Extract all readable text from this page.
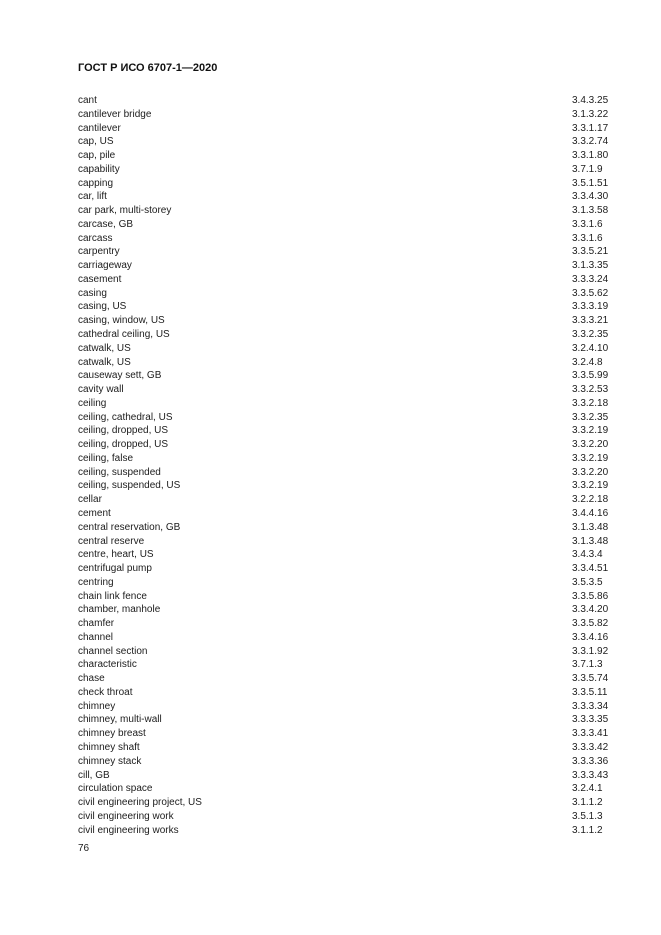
ГОСТ Р ИСО 6707-1—2020
cant	3.4.3.25
cantilever bridge	3.1.3.22
cantilever	3.3.1.17
cap, US	3.3.2.74
cap, pile	3.3.1.80
capability	3.7.1.9
capping	3.5.1.51
car, lift	3.3.4.30
car park, multi-storey	3.1.3.58
carcase, GB	3.3.1.6
carcass	3.3.1.6
carpentry	3.3.5.21
carriageway	3.1.3.35
casement	3.3.3.24
casing	3.3.5.62
casing, US	3.3.3.19
casing, window, US	3.3.3.21
cathedral ceiling, US	3.3.2.35
catwalk, US	3.2.4.10
catwalk, US	3.2.4.8
causeway sett, GB	3.3.5.99
cavity wall	3.3.2.53
ceiling	3.3.2.18
ceiling, cathedral, US	3.3.2.35
ceiling, dropped, US	3.3.2.19
ceiling, dropped, US	3.3.2.20
ceiling, false	3.3.2.19
ceiling, suspended	3.3.2.20
ceiling, suspended, US	3.3.2.19
cellar	3.2.2.18
cement	3.4.4.16
central reservation, GB	3.1.3.48
central reserve	3.1.3.48
centre, heart, US	3.4.3.4
centrifugal pump	3.3.4.51
centring	3.5.3.5
chain link fence	3.3.5.86
chamber, manhole	3.3.4.20
chamfer	3.3.5.82
channel	3.3.4.16
channel section	3.3.1.92
characteristic	3.7.1.3
chase	3.3.5.74
check throat	3.3.5.11
chimney	3.3.3.34
chimney, multi-wall	3.3.3.35
chimney breast	3.3.3.41
chimney shaft	3.3.3.42
chimney stack	3.3.3.36
cill, GB	3.3.3.43
circulation space	3.2.4.1
civil engineering project, US	3.1.1.2
civil engineering work	3.5.1.3
civil engineering works	3.1.1.2
76
